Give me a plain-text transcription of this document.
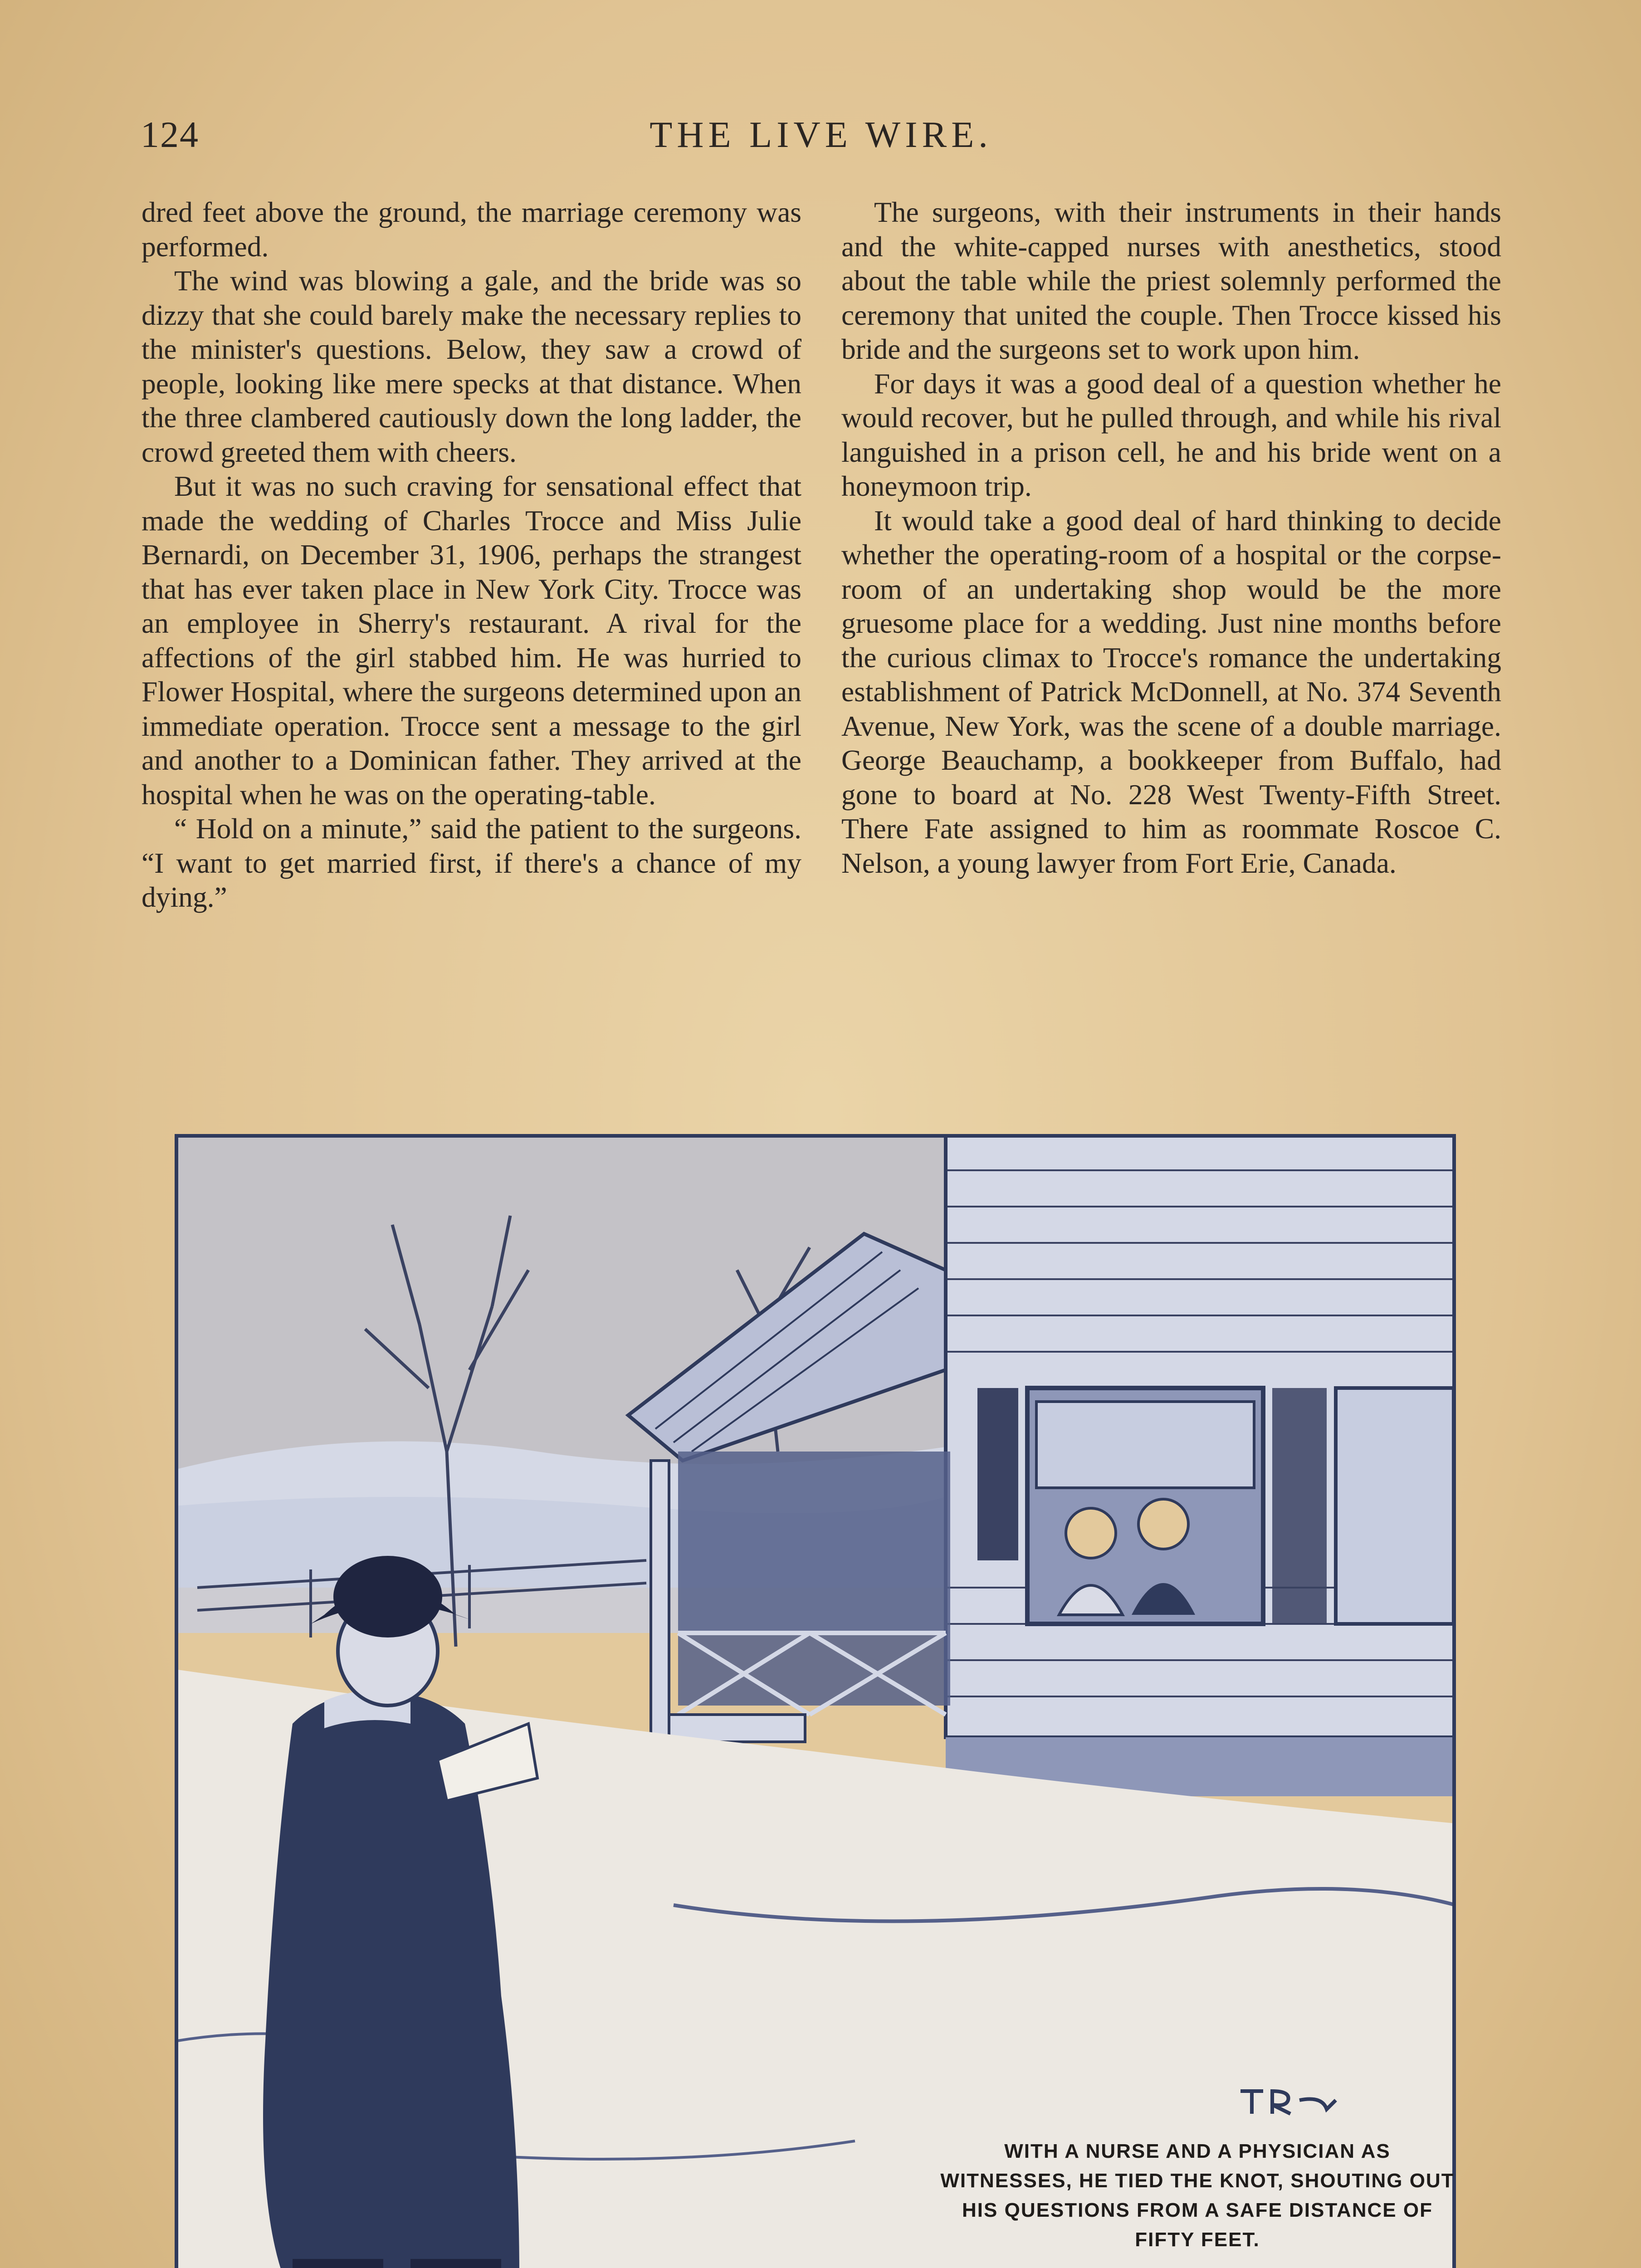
124	THE LIVE WIRE.

dred feet above the ground, the marriage ceremony was performed.

The wind was blowing a gale, and the bride was so dizzy that she could barely make the necessary replies to the minister's questions. Below, they saw a crowd of people, looking like mere specks at that distance. When the three clambered cautiously down the long ladder, the crowd greeted them with cheers.

But it was no such craving for sensational effect that made the wedding of Charles Trocce and Miss Julie Bernardi, on December 31, 1906, perhaps the strangest that has ever taken place in New York City. Trocce was an employee in Sherry's restaurant. A rival for the affections of the girl stabbed him. He was hurried to Flower Hospital, where the surgeons determined upon an immediate operation. Trocce sent a message to the girl and another to a Dominican father. They arrived at the hospital when he was on the operating-table.

“ Hold on a minute,” said the patient to the surgeons. “I want to get married first, if there's a chance of my dying.”

The surgeons, with their instruments in their hands and the white-capped nurses with anesthetics, stood about the table while the priest solemnly performed the ceremony that united the couple. Then Trocce kissed his bride and the surgeons set to work upon him.

For days it was a good deal of a question whether he would recover, but he pulled through, and while his rival languished in a prison cell, he and his bride went on a honeymoon trip.

It would take a good deal of hard thinking to decide whether the operating-room of a hospital or the corpse-room of an undertaking shop would be the more gruesome place for a wedding. Just nine months before the curious climax to Trocce's romance the undertaking establishment of Patrick McDonnell, at No. 374 Seventh Avenue, New York, was the scene of a double marriage. George Beauchamp, a bookkeeper from Buffalo, had gone to board at No. 228 West Twenty-Fifth Street. There Fate assigned to him as roommate Roscoe C. Nelson, a young lawyer from Fort Erie, Canada.

WITH A NURSE AND A PHYSICIAN AS WITNESSES, HE TIED THE KNOT, SHOUTING OUT HIS QUESTIONS FROM A SAFE DISTANCE OF FIFTY FEET.
